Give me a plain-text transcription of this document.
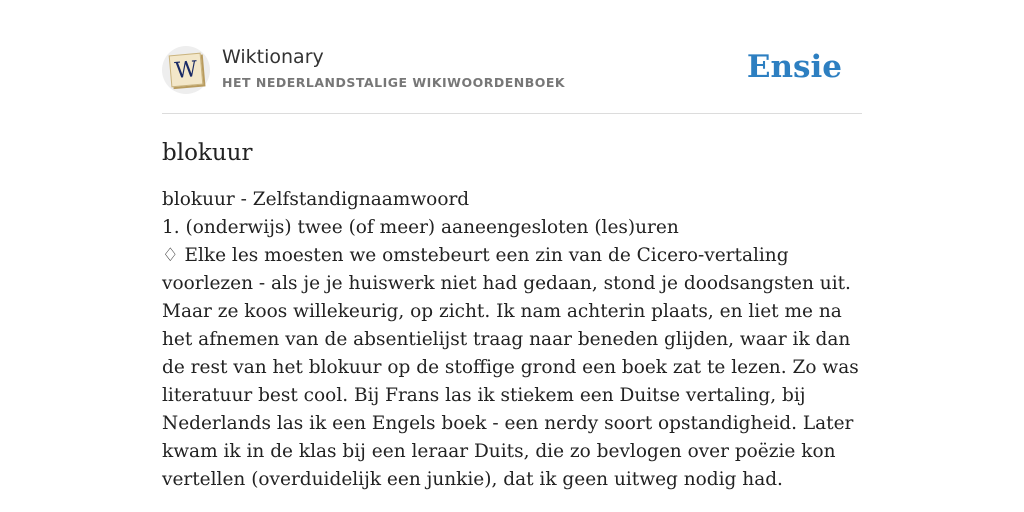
W Wiktionary
HET NEDERLANDSTALIGE WIKIWOORDENBOEK	Ensie
blokuur
blokuur - Zelfstandignaamwoord
1. (onderwijs) twee (of meer) aaneengesloten (les)uren
♢ Elke les moesten we omstebeurt een zin van de Cicero-vertaling voorlezen - als je je huiswerk niet had gedaan, stond je doodsangsten uit. Maar ze koos willekeurig, op zicht. Ik nam achterin plaats, en liet me na het afnemen van de absentielijst traag naar beneden glijden, waar ik dan de rest van het blokuur op de stoffige grond een boek zat te lezen. Zo was literatuur best cool. Bij Frans las ik stiekem een Duitse vertaling, bij Nederlands las ik een Engels boek - een nerdy soort opstandigheid. Later kwam ik in de klas bij een leraar Duits, die zo bevlogen over poëzie kon vertellen (overduidelijk een junkie), dat ik geen uitweg nodig had.
